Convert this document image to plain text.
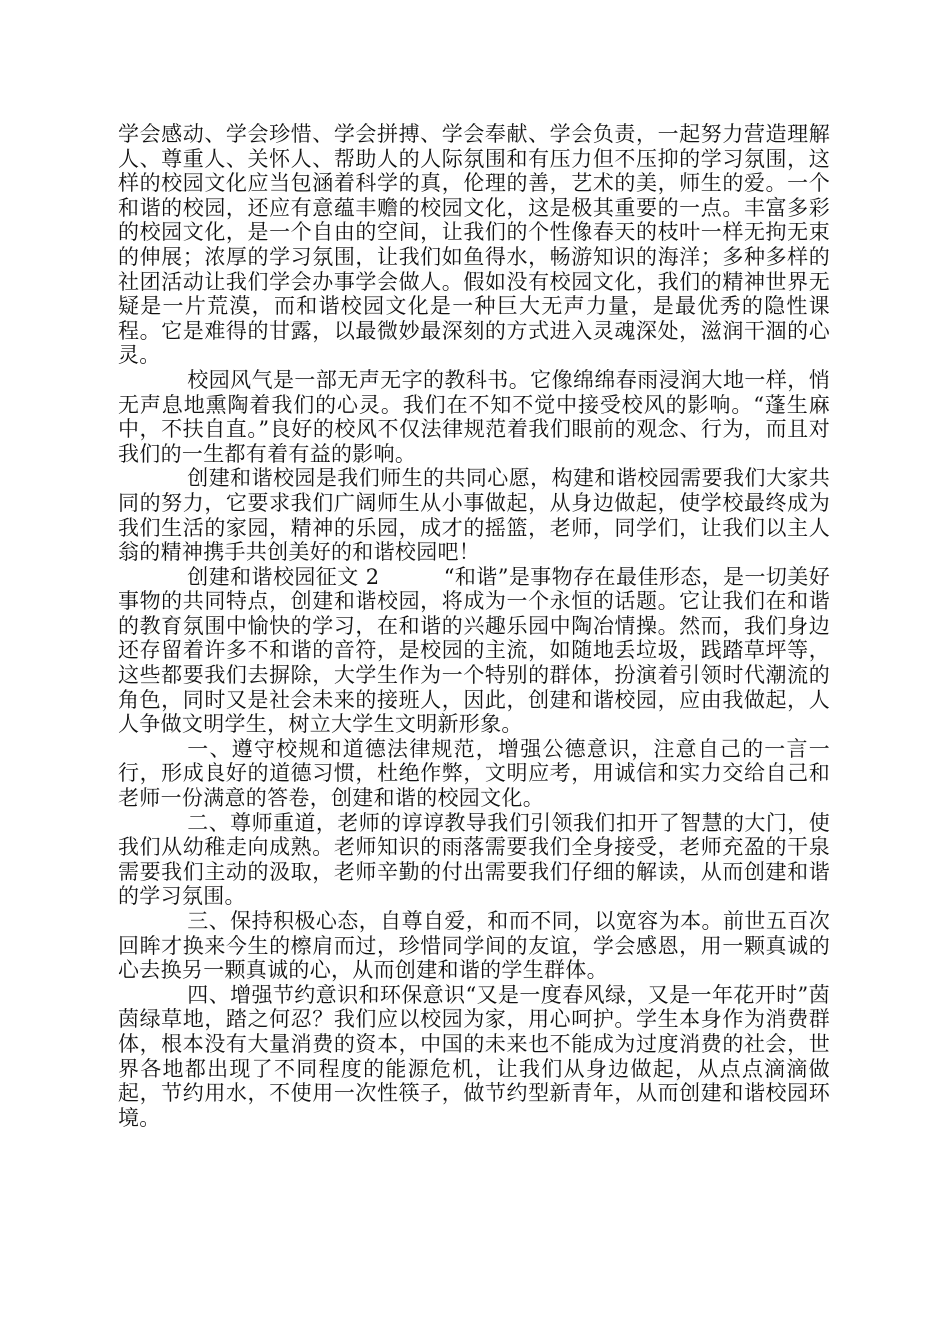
学会感动、学会珍惜、学会拼搏、学会奉献、学会负责，一起努力营造理解人、尊重人、关怀人、帮助人的人际氛围和有压力但不压抑的学习氛围，这样的校园文化应当包涵着科学的真，伦理的善，艺术的美，师生的爱。一个和谐的校园，还应有意蕴丰赡的校园文化，这是极其重要的一点。丰富多彩的校园文化，是一个自由的空间，让我们的个性像春天的枝叶一样无拘无束的伸展；浓厚的学习氛围，让我们如鱼得水，畅游知识的海洋；多种多样的社团活动让我们学会办事学会做人。假如没有校园文化，我们的精神世界无疑是一片荒漠，而和谐校园文化是一种巨大无声力量，是最优秀的隐性课程。它是难得的甘露，以最微妙最深刻的方式进入灵魂深处，滋润干涸的心灵。

校园风气是一部无声无字的教科书。它像绵绵春雨浸润大地一样，悄无声息地熏陶着我们的心灵。我们在不知不觉中接受校风的影响。“蓬生麻中，不扶自直。”良好的校风不仅法律规范着我们眼前的观念、行为，而且对我们的一生都有着有益的影响。

创建和谐校园是我们师生的共同心愿，构建和谐校园需要我们大家共同的努力，它要求我们广阔师生从小事做起，从身边做起，使学校最终成为我们生活的家园，精神的乐园，成才的摇篮，老师，同学们，让我们以主人翁的精神携手共创美好的和谐校园吧！

创建和谐校园征文 2　　　“和谐”是事物存在最佳形态，是一切美好事物的共同特点，创建和谐校园，将成为一个永恒的话题。它让我们在和谐的教育氛围中愉快的学习，在和谐的兴趣乐园中陶冶情操。然而，我们身边还存留着许多不和谐的音符，是校园的主流，如随地丢垃圾，践踏草坪等，这些都要我们去摒除，大学生作为一个特别的群体，扮演着引领时代潮流的角色，同时又是社会未来的接班人，因此，创建和谐校园，应由我做起，人人争做文明学生，树立大学生文明新形象。

一、遵守校规和道德法律规范，增强公德意识，注意自己的一言一行，形成良好的道德习惯，杜绝作弊，文明应考，用诚信和实力交给自己和老师一份满意的答卷，创建和谐的校园文化。

二、尊师重道，老师的谆谆教导我们引领我们扣开了智慧的大门，使我们从幼稚走向成熟。老师知识的雨落需要我们全身接受，老师充盈的干泉需要我们主动的汲取，老师辛勤的付出需要我们仔细的解读，从而创建和谐的学习氛围。

三、保持积极心态，自尊自爱，和而不同，以宽容为本。前世五百次回眸才换来今生的檫肩而过，珍惜同学间的友谊，学会感恩，用一颗真诚的心去换另一颗真诚的心，从而创建和谐的学生群体。

四、增强节约意识和环保意识“又是一度春风绿，又是一年花开时”茵茵绿草地，踏之何忍？我们应以校园为家，用心呵护。学生本身作为消费群体，根本没有大量消费的资本，中国的未来也不能成为过度消费的社会，世界各地都出现了不同程度的能源危机，让我们从身边做起，从点点滴滴做起，节约用水，不使用一次性筷子，做节约型新青年，从而创建和谐校园环境。
